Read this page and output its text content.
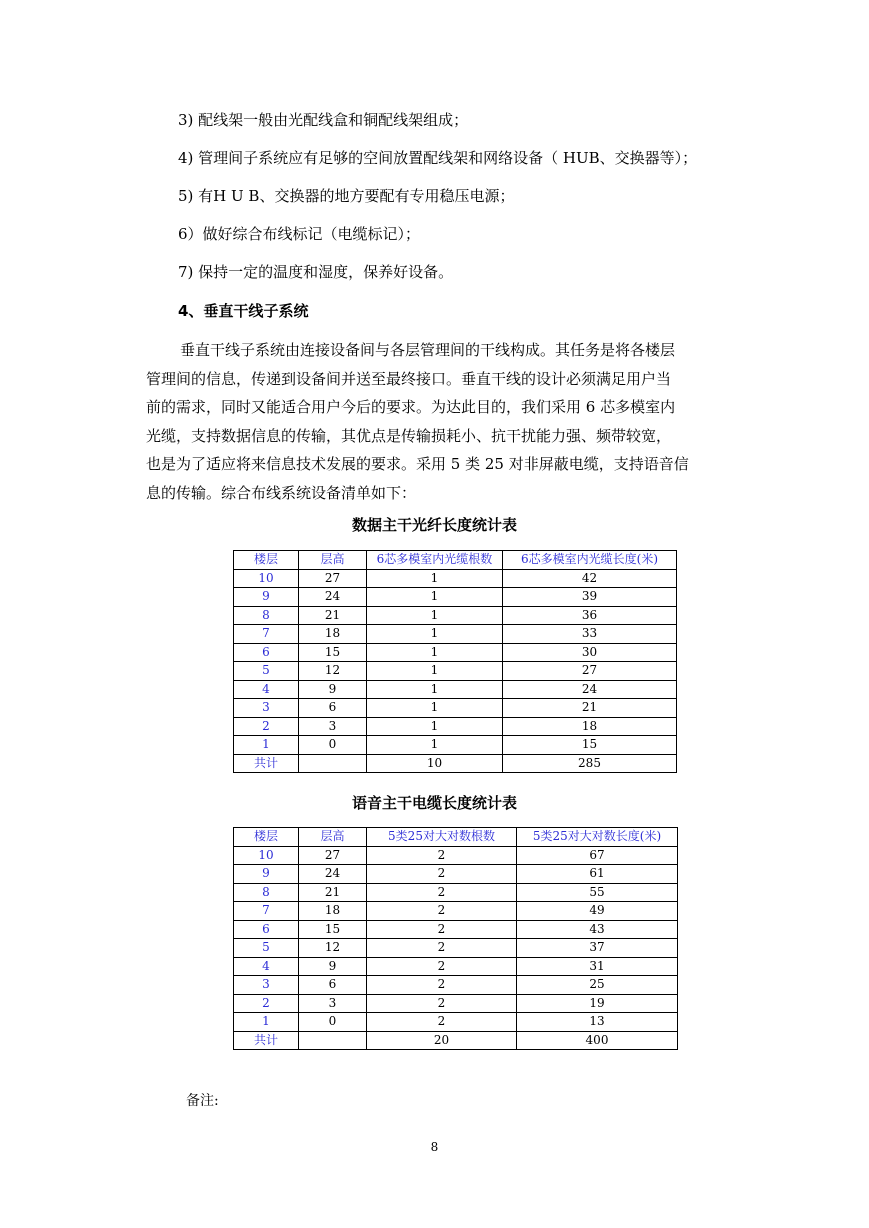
3) 配线架一般由光配线盒和铜配线架组成；
4) 管理间子系统应有足够的空间放置配线架和网络设备（ HUB、交换器等）；
5) 有H U B、交换器的地方要配有专用稳压电源；
6）做好综合布线标记（电缆标记）；
7) 保持一定的温度和湿度，保养好设备。
4、垂直干线子系统
垂直干线子系统由连接设备间与各层管理间的干线构成。其任务是将各楼层
管理间的信息，传递到设备间并送至最终接口。垂直干线的设计必须满足用户当
前的需求，同时又能适合用户今后的要求。为达此目的，我们采用 6 芯多模室内
光缆，支持数据信息的传输，其优点是传输损耗小、抗干扰能力强、频带较宽，
也是为了适应将来信息技术发展的要求。采用 5 类 25 对非屏蔽电缆，支持语音信
息的传输。综合布线系统设备清单如下：
数据主干光纤长度统计表
楼层	层高	6芯多模室内光缆根数	6芯多模室内光缆长度(米)
10	27	1	42
9	24	1	39
8	21	1	36
7	18	1	33
6	15	1	30
5	12	1	27
4	9	1	24
3	6	1	21
2	3	1	18
1	0	1	15
共计		10	285
语音主干电缆长度统计表
楼层	层高	5类25对大对数根数	5类25对大对数长度(米)
10	27	2	67
9	24	2	61
8	21	2	55
7	18	2	49
6	15	2	43
5	12	2	37
4	9	2	31
3	6	2	25
2	3	2	19
1	0	2	13
共计		20	400
备注:
8
